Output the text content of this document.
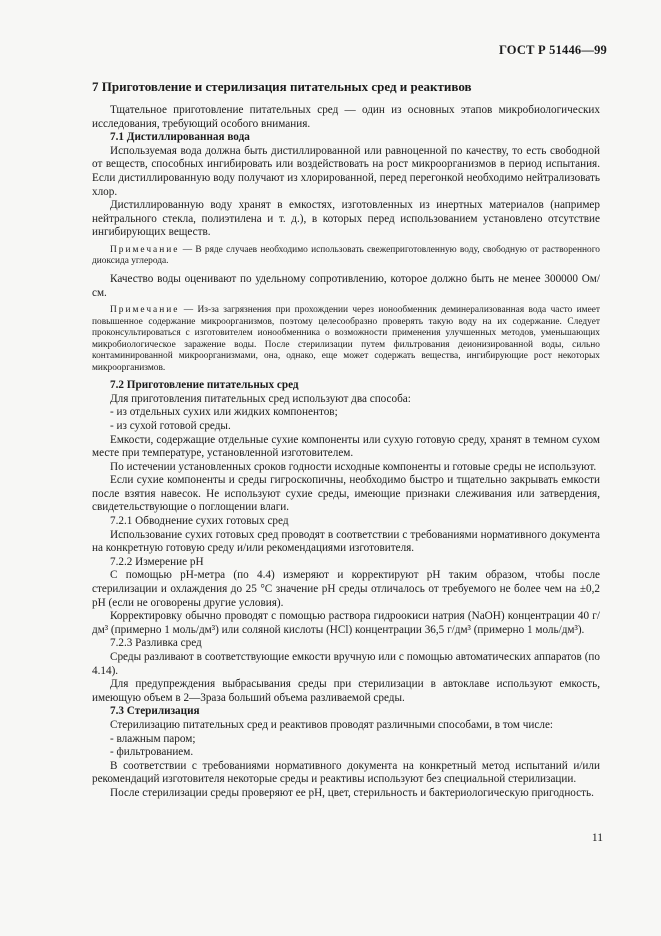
ГОСТ Р 51446—99
7 Приготовление и стерилизация питательных сред и реактивов

Тщательное приготовление питательных сред — один из основных этапов микробиологических исследования, требующий особого внимания.

7.1 Дистиллированная вода

Используемая вода должна быть дистиллированной или равноценной по качеству, то есть свободной от веществ, способных ингибировать или воздействовать на рост микроорганизмов в период испытания. Если дистиллированную воду получают из хлорированной, перед перегонкой необходимо нейтрализовать хлор.

Дистиллированную воду хранят в емкостях, изготовленных из инертных материалов (например нейтрального стекла, полиэтилена и т. д.), в которых перед использованием установлено отсутствие ингибирующих веществ.

Примечание — В ряде случаев необходимо использовать свежеприготовленную воду, свободную от растворенного диоксида углерода.

Качество воды оценивают по удельному сопротивлению, которое должно быть не менее 300000 Ом/см.

Примечание — Из-за загрязнения при прохождении через ионообменник деминерализованная вода часто имеет повышенное содержание микроорганизмов, поэтому целесообразно проверять такую воду на их содержание. Следует проконсультироваться с изготовителем ионообменника о возможности применения улучшенных методов, уменьшающих микробиологическое заражение воды. После стерилизации путем фильтрования деионизированной воды, сильно контаминированной микроорганизмами, она, однако, еще может содержать вещества, ингибирующие рост некоторых микроорганизмов.

7.2 Приготовление питательных сред

Для приготовления питательных сред используют два способа:

- из отдельных сухих или жидких компонентов;

- из сухой готовой среды.

Емкости, содержащие отдельные сухие компоненты или сухую готовую среду, хранят в темном сухом месте при температуре, установленной изготовителем.

По истечении установленных сроков годности исходные компоненты и готовые среды не используют.

Если сухие компоненты и среды гигроскопичны, необходимо быстро и тщательно закрывать емкости после взятия навесок. Не используют сухие среды, имеющие признаки слеживания или затвердения, свидетельствующие о поглощении влаги.

7.2.1 Обводнение сухих готовых сред

Использование сухих готовых сред проводят в соответствии с требованиями нормативного документа на конкретную готовую среду и/или рекомендациями изготовителя.

7.2.2 Измерение pH

С помощью pH-метра (по 4.4) измеряют и корректируют pH таким образом, чтобы после стерилизации и охлаждения до 25 °C значение pH среды отличалось от требуемого не более чем на ±0,2 pH (если не оговорены другие условия).

Корректировку обычно проводят с помощью раствора гидроокиси натрия (NaOH) концентрации 40 г/дм³ (примерно 1 моль/дм³) или соляной кислоты (HCl) концентрации 36,5 г/дм³ (примерно 1 моль/дм³).

7.2.3 Разливка сред

Среды разливают в соответствующие емкости вручную или с помощью автоматических аппаратов (по 4.14).

Для предупреждения выбрасывания среды при стерилизации в автоклаве используют емкость, имеющую объем в 2—3раза больший объема разливаемой среды.

7.3 Стерилизация

Стерилизацию питательных сред и реактивов проводят различными способами, в том числе:

- влажным паром;

- фильтрованием.

В соответствии с требованиями нормативного документа на конкретный метод испытаний и/или рекомендаций изготовителя некоторые среды и реактивы используют без специальной стерилизации.

После стерилизации среды проверяют ее pH, цвет, стерильность и бактериологическую пригодность.

11
